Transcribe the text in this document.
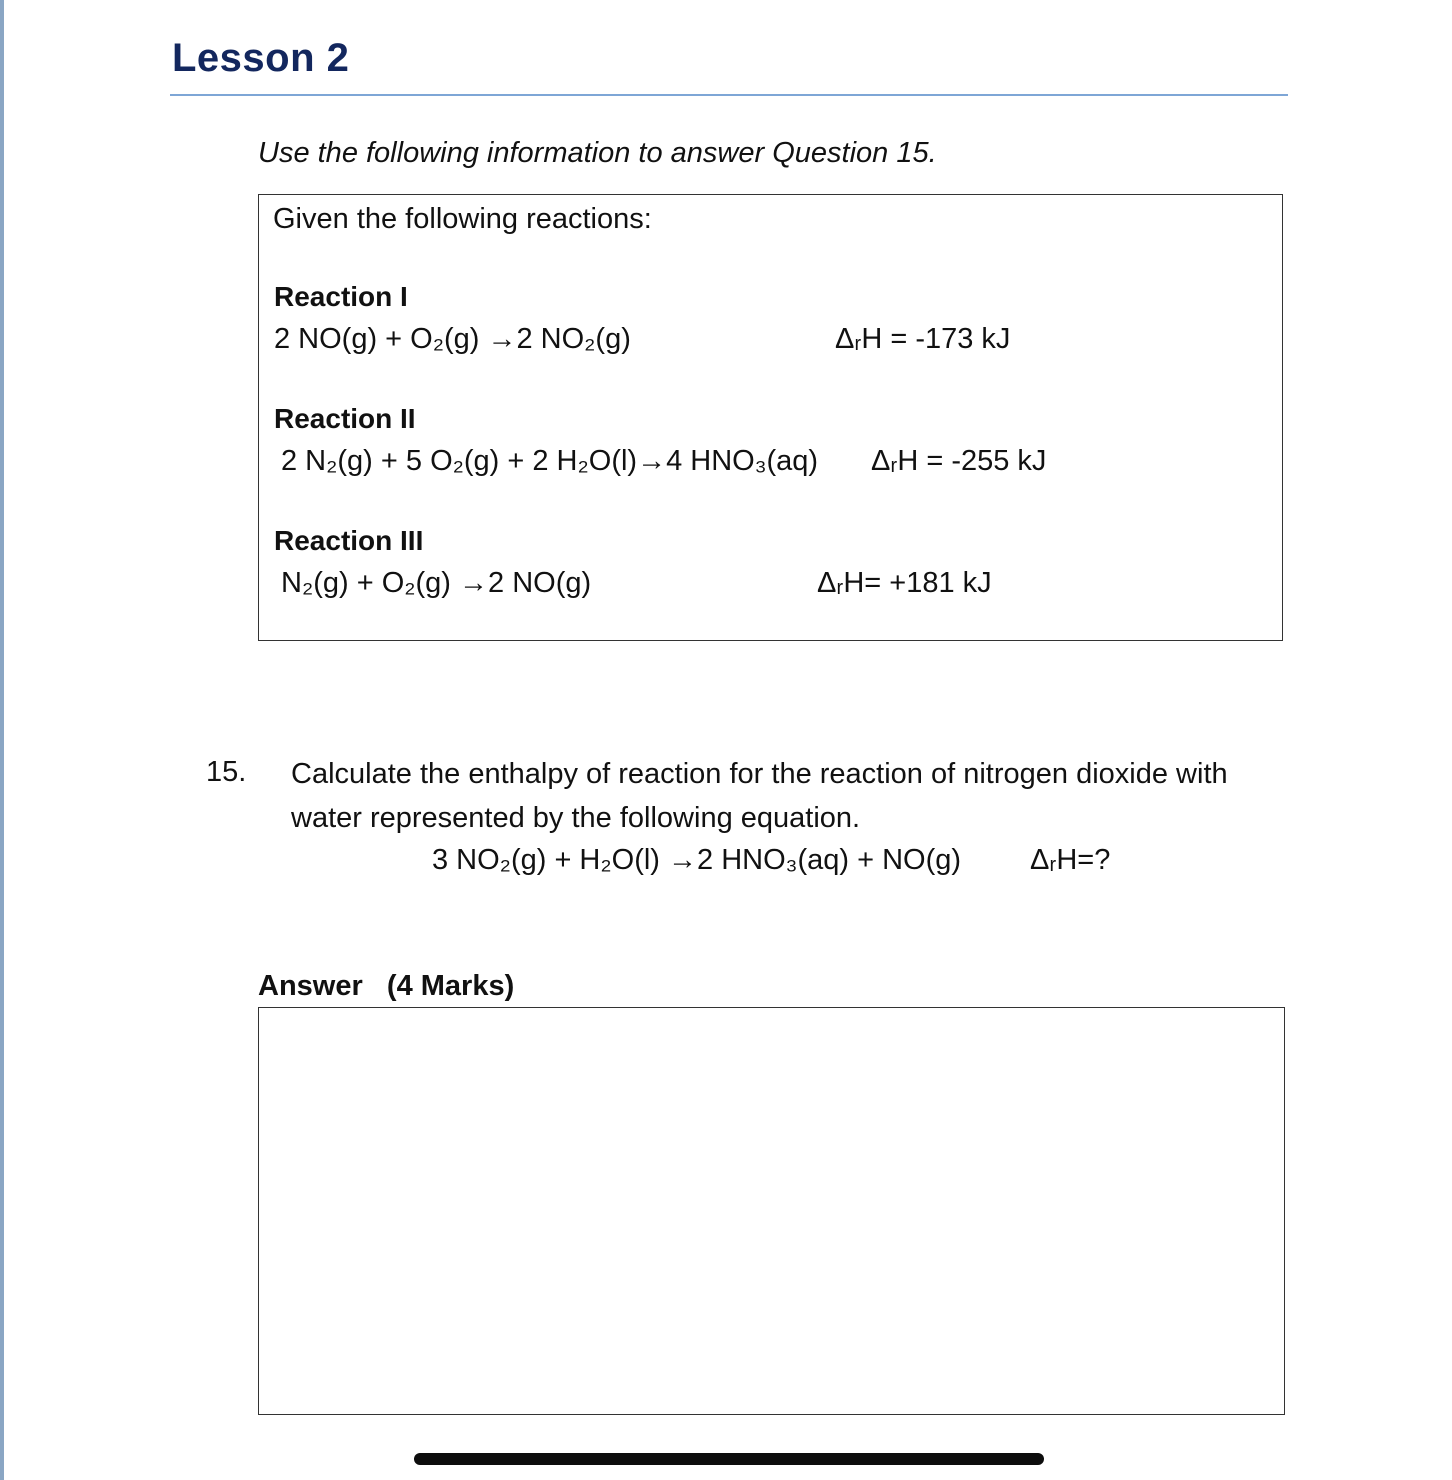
Lesson 2
Use the following information to answer Question 15.
Given the following reactions:
Reaction I
2 NO(g) + O₂(g) →2 NO₂(g)	ΔᵣH = -173 kJ
Reaction II
2 N₂(g) + 5 O₂(g) + 2 H₂O(l)→4 HNO₃(aq) ΔᵣH = -255 kJ
Reaction III
N₂(g) + O₂(g) →2 NO(g)	ΔᵣH= +181 kJ
15. Calculate the enthalpy of reaction for the reaction of nitrogen dioxide with water represented by the following equation.
3 NO₂(g) + H₂O(l) →2 HNO₃(aq) + NO(g) ΔᵣH=?
Answer   (4 Marks)
